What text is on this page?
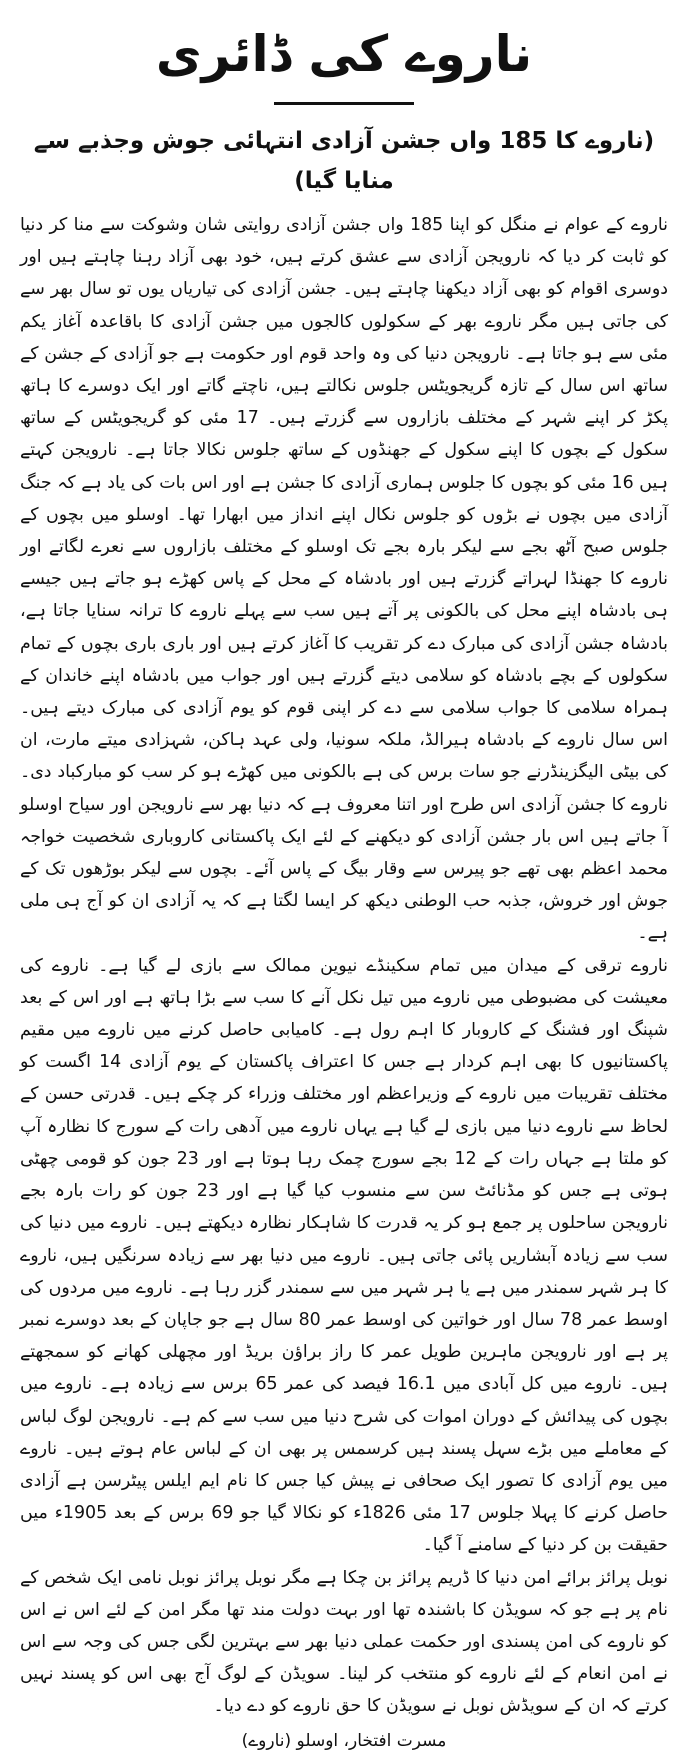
ناروے کی ڈائری
(ناروے کا 185 واں جشن آزادی انتہائی جوش وجذبے سے منایا گیا)

ناروے کے عوام نے منگل کو اپنا 185 واں جشن آزادی روایتی شان وشوکت سے منا کر دنیا کو ثابت کر دیا کہ نارویجن آزادی سے عشق کرتے ہیں، خود بھی آزاد رہنا چاہتے ہیں اور دوسری اقوام کو بھی آزاد دیکھنا چاہتے ہیں۔ جشن آزادی کی تیاریاں یوں تو سال بھر سے کی جاتی ہیں مگر ناروے بھر کے سکولوں کالجوں میں جشن آزادی کا باقاعدہ آغاز یکم مئی سے ہو جاتا ہے۔ نارویجن دنیا کی وہ واحد قوم اور حکومت ہے جو آزادی کے جشن کے ساتھ اس سال کے تازہ گریجویٹس جلوس نکالتے ہیں، ناچتے گاتے اور ایک دوسرے کا ہاتھ پکڑ کر اپنے شہر کے مختلف بازاروں سے گزرتے ہیں۔ 17 مئی کو گریجویٹس کے ساتھ سکول کے بچوں کا اپنے سکول کے جھنڈوں کے ساتھ جلوس نکالا جاتا ہے۔ نارویجن کہتے ہیں 16 مئی کو بچوں کا جلوس ہماری آزادی کا جشن ہے اور اس بات کی یاد ہے کہ جنگ آزادی میں بچوں نے بڑوں کو جلوس نکال اپنے انداز میں ابھارا تھا۔ اوسلو میں بچوں کے جلوس صبح آٹھ بجے سے لیکر بارہ بجے تک اوسلو کے مختلف بازاروں سے نعرے لگاتے اور ناروے کا جھنڈا لہراتے گزرتے ہیں اور بادشاہ کے محل کے پاس کھڑے ہو جاتے ہیں جیسے ہی بادشاہ اپنے محل کی بالکونی پر آتے ہیں سب سے پہلے ناروے کا ترانہ سنایا جاتا ہے، بادشاہ جشن آزادی کی مبارک دے کر تقریب کا آغاز کرتے ہیں اور باری باری بچوں کے تمام سکولوں کے بچے بادشاہ کو سلامی دیتے گزرتے ہیں اور جواب میں بادشاہ اپنے خاندان کے ہمراہ سلامی کا جواب سلامی سے دے کر اپنی قوم کو یوم آزادی کی مبارک دیتے ہیں۔ اس سال ناروے کے بادشاہ ہیرالڈ، ملکہ سونیا، ولی عہد ہاکن، شہزادی میتے مارت، ان کی بیٹی الیگزینڈرنے جو سات برس کی ہے بالکونی میں کھڑے ہو کر سب کو مبارکباد دی۔ ناروے کا جشن آزادی اس طرح اور اتنا معروف ہے کہ دنیا بھر سے نارویجن اور سیاح اوسلو آ جاتے ہیں اس بار جشن آزادی کو دیکھنے کے لئے ایک پاکستانی کاروباری شخصیت خواجہ محمد اعظم بھی تھے جو پیرس سے وقار بیگ کے پاس آئے۔ بچوں سے لیکر بوڑھوں تک کے جوش اور خروش، جذبہ حب الوطنی دیکھ کر ایسا لگتا ہے کہ یہ آزادی ان کو آج ہی ملی ہے۔

ناروے ترقی کے میدان میں تمام سکینڈے نیوین ممالک سے بازی لے گیا ہے۔ ناروے کی معیشت کی مضبوطی میں ناروے میں تیل نکل آنے کا سب سے بڑا ہاتھ ہے اور اس کے بعد شپنگ اور فشنگ کے کاروبار کا اہم رول ہے۔ کامیابی حاصل کرنے میں ناروے میں مقیم پاکستانیوں کا بھی اہم کردار ہے جس کا اعتراف پاکستان کے یوم آزادی 14 اگست کو مختلف تقریبات میں ناروے کے وزیراعظم اور مختلف وزراء کر چکے ہیں۔ قدرتی حسن کے لحاظ سے ناروے دنیا میں بازی لے گیا ہے یہاں ناروے میں آدھی رات کے سورج کا نظارہ آپ کو ملتا ہے جہاں رات کے 12 بجے سورج چمک رہا ہوتا ہے اور 23 جون کو قومی چھٹی ہوتی ہے جس کو مڈنائٹ سن سے منسوب کیا گیا ہے اور 23 جون کو رات بارہ بجے نارویجن ساحلوں پر جمع ہو کر یہ قدرت کا شاہکار نظارہ دیکھتے ہیں۔ ناروے میں دنیا کی سب سے زیادہ آبشاریں پائی جاتی ہیں۔ ناروے میں دنیا بھر سے زیادہ سرنگیں ہیں، ناروے کا ہر شہر سمندر میں ہے یا ہر شہر میں سے سمندر گزر رہا ہے۔ ناروے میں مردوں کی اوسط عمر 78 سال اور خواتین کی اوسط عمر 80 سال ہے جو جاپان کے بعد دوسرے نمبر پر ہے اور نارویجن ماہرین طویل عمر کا راز براؤن بریڈ اور مچھلی کھانے کو سمجھتے ہیں۔ ناروے میں کل آبادی میں 16.1 فیصد کی عمر 65 برس سے زیادہ ہے۔ ناروے میں بچوں کی پیدائش کے دوران اموات کی شرح دنیا میں سب سے کم ہے۔ نارویجن لوگ لباس کے معاملے میں بڑے سہل پسند ہیں کرسمس پر بھی ان کے لباس عام ہوتے ہیں۔ ناروے میں یوم آزادی کا تصور ایک صحافی نے پیش کیا جس کا نام ایم ایلس پیٹرسن ہے آزادی حاصل کرنے کا پہلا جلوس 17 مئی 1826ء کو نکالا گیا جو 69 برس کے بعد 1905ء میں حقیقت بن کر دنیا کے سامنے آ گیا۔

نوبل پرائز برائے امن دنیا کا ڈریم پرائز بن چکا ہے مگر نوبل پرائز نوبل نامی ایک شخص کے نام پر ہے جو کہ سویڈن کا باشندہ تھا اور بہت دولت مند تھا مگر امن کے لئے اس نے اس کو ناروے کی امن پسندی اور حکمت عملی دنیا بھر سے بہترین لگی جس کی وجہ سے اس نے امن انعام کے لئے ناروے کو منتخب کر لینا۔ سویڈن کے لوگ آج بھی اس کو پسند نہیں کرتے کہ ان کے سویڈش نوبل نے سویڈن کا حق ناروے کو دے دیا۔

مسرت افتخار، اوسلو (ناروے)
